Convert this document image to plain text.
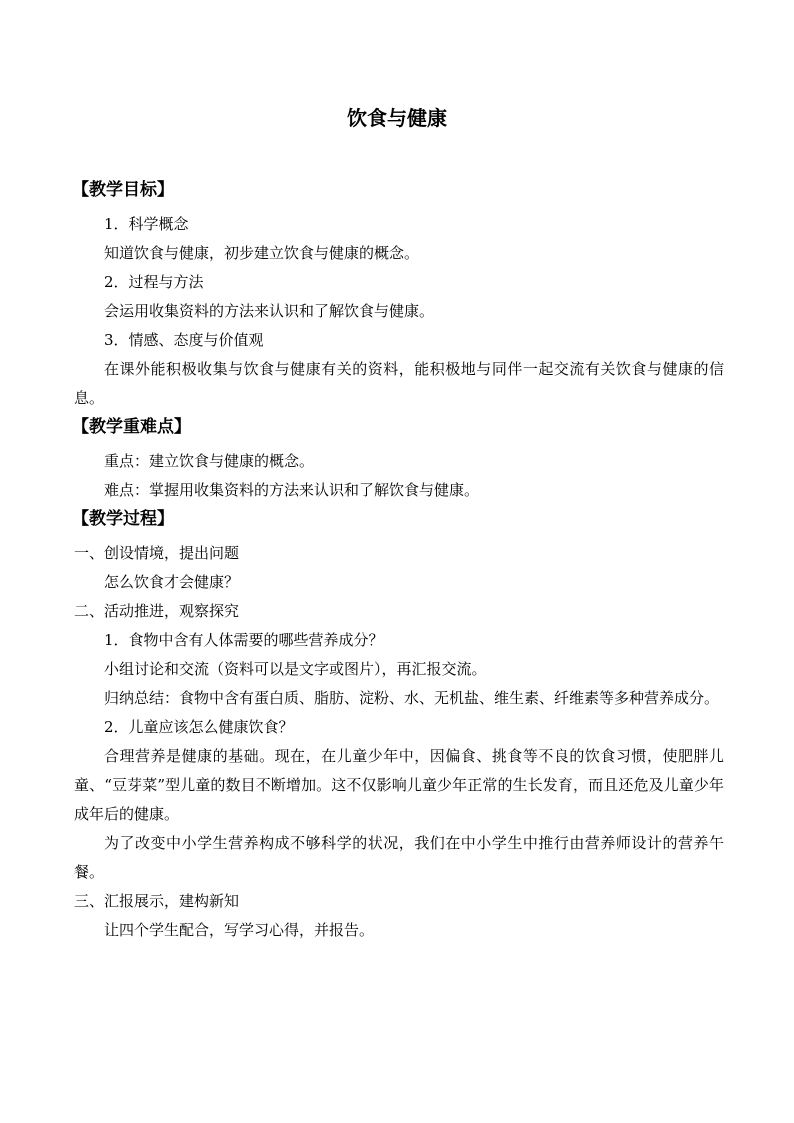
饮食与健康
【教学目标】

1．科学概念

知道饮食与健康，初步建立饮食与健康的概念。

2．过程与方法

会运用收集资料的方法来认识和了解饮食与健康。

3．情感、态度与价值观

在课外能积极收集与饮食与健康有关的资料，能积极地与同伴一起交流有关饮食与健康的信息。

【教学重难点】

重点：建立饮食与健康的概念。

难点：掌握用收集资料的方法来认识和了解饮食与健康。

【教学过程】

一、创设情境，提出问题

怎么饮食才会健康？

二、活动推进，观察探究

1．食物中含有人体需要的哪些营养成分？

小组讨论和交流（资料可以是文字或图片），再汇报交流。

归纳总结：食物中含有蛋白质、脂肪、淀粉、水、无机盐、维生素、纤维素等多种营养成分。

2．儿童应该怎么健康饮食？

合理营养是健康的基础。现在，在儿童少年中，因偏食、挑食等不良的饮食习惯，使肥胖儿童、“豆芽菜”型儿童的数目不断增加。这不仅影响儿童少年正常的生长发育，而且还危及儿童少年成年后的健康。

为了改变中小学生营养构成不够科学的状况，我们在中小学生中推行由营养师设计的营养午餐。

三、汇报展示，建构新知

让四个学生配合，写学习心得，并报告。
